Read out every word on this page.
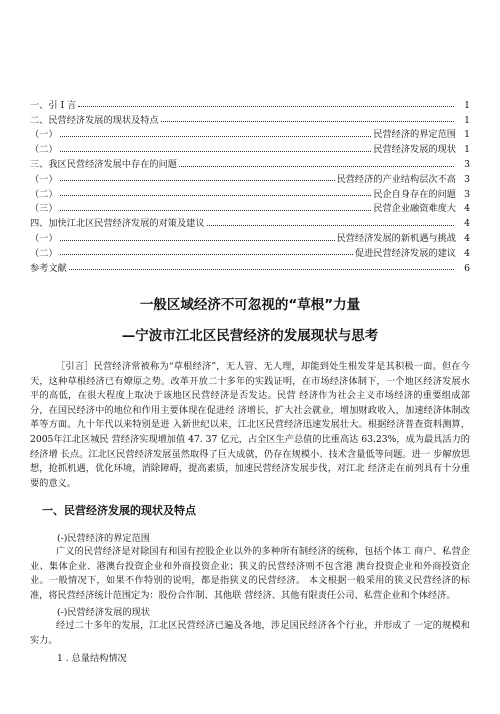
一、引 I 言	1
二、民营经济发展的现状及特点	1
（一）	民营经济的界定范围 1
（二）	民营经济发展的现状 1
三、我区民营经济发展中存在的问题	3
（一）	民营经济的产业结构层次不高 3
（二）	民企自身存在的问题 3
（三）	民营企业融资难度大 4
四、加快江北区民营经济发展的对策及建议	4
（一）	民营经济发展的新机遇与挑战 4
（二）	促进民营经济发展的建议 4
参考文献	6
一般区域经济不可忽视的“草根”力量
—宁波市江北区民营经济的发展现状与思考
［引言］民营经济常被称为“草根经济”，无人管、无人理，却能到处生根发芽是其积极一面。但在今天，这种草根经济已有燎原之势。改革开放二十多年的实践证明，在市场经济体制下，一个地区经济发展水平的高低，在很大程度上取决于该地区民营经济是否发达。民营 经济作为社会主义市场经济的重要组成部分，在国民经济中的地位和作用主要体现在促进经 济增长，扩大社会就业，增加财政收入，加速经济体制改革等方面。九十年代以来特别是进 入新世纪以来，江北区民营经济迅速发展壮大。根据经济普查资料测算，2005年江北区城民 营经济实现增加值 47. 37 亿元，占全区生产总值的比重高达 63.23%，成为最具活力的经济增 长点。江北区民营经济发展虽然取得了巨大成就，仍存在规模小、技术含量低等问题。进一 步解放思想，抢抓机遇，优化环境，消除障碍，提高素质，加速民营经济发展步伐，对江北 经济走在前列具有十分重要的意义。
一、民营经济发展的现状及特点
(-)民营经济的界定范围
广义的民营经济是对除国有和国有控股企业以外的多种所有制经济的统称，包括个体工 商户、私营企业、集体企业、港澳台投资企业和外商投资企业；狭义的民营经济则不包含港 澳台投资企业和外商投资企业。一般情况下，如果不作特别的说明，都是指狭义的民营经济。 本文根据一般采用的狭义民营经济的标准，将民营经济统计范围定为：股份合作制、其他联 营经济、其他有限责任公司、私营企业和个体经济。
(-)民营经济发展的现状
经过二十多年的发展，江北区民营经济已遍及各地，涉足国民经济各个行业，并形成了 一定的规模和实力。
1 . 总量结构情况
